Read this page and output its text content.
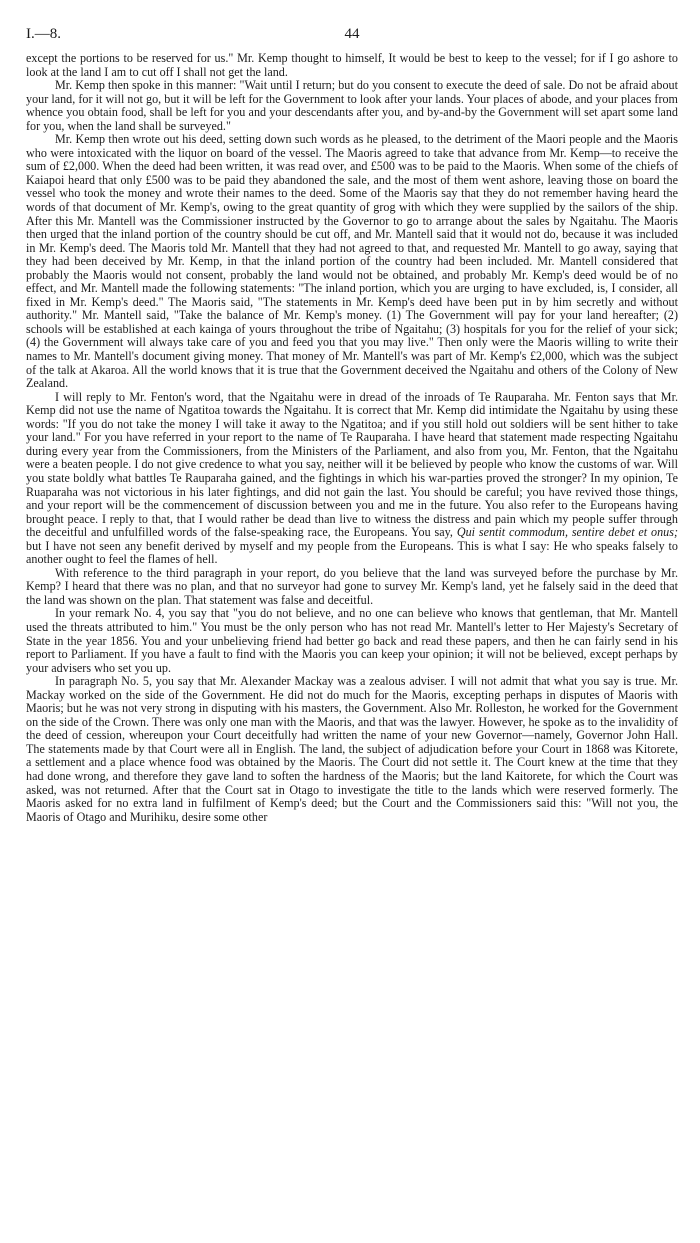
44
I.—8.

except the portions to be reserved for us." Mr. Kemp thought to himself, It would be best to keep to the vessel; for if I go ashore to look at the land I am to cut off I shall not get the land.

Mr. Kemp then spoke in this manner: "Wait until I return; but do you consent to execute the deed of sale. Do not be afraid about your land, for it will not go, but it will be left for the Government to look after your lands. Your places of abode, and your places from whence you obtain food, shall be left for you and your descendants after you, and by-and-by the Government will set apart some land for you, when the land shall be surveyed."

Mr. Kemp then wrote out his deed, setting down such words as he pleased, to the detriment of the Maori people and the Maoris who were intoxicated with the liquor on board of the vessel. The Maoris agreed to take that advance from Mr. Kemp—to receive the sum of £2,000. When the deed had been written, it was read over, and £500 was to be paid to the Maoris. When some of the chiefs of Kaiapoi heard that only £500 was to be paid they abandoned the sale, and the most of them went ashore, leaving those on board the vessel who took the money and wrote their names to the deed. Some of the Maoris say that they do not remember having heard the words of that document of Mr. Kemp's, owing to the great quantity of grog with which they were supplied by the sailors of the ship. After this Mr. Mantell was the Commissioner instructed by the Governor to go to arrange about the sales by Ngaitahu. The Maoris then urged that the inland portion of the country should be cut off, and Mr. Mantell said that it would not do, because it was included in Mr. Kemp's deed. The Maoris told Mr. Mantell that they had not agreed to that, and requested Mr. Mantell to go away, saying that they had been deceived by Mr. Kemp, in that the inland portion of the country had been included. Mr. Mantell considered that probably the Maoris would not consent, probably the land would not be obtained, and probably Mr. Kemp's deed would be of no effect, and Mr. Mantell made the following statements: "The inland portion, which you are urging to have excluded, is, I consider, all fixed in Mr. Kemp's deed." The Maoris said, "The statements in Mr. Kemp's deed have been put in by him secretly and without authority." Mr. Mantell said, "Take the balance of Mr. Kemp's money. (1) The Government will pay for your land hereafter; (2) schools will be established at each kainga of yours throughout the tribe of Ngaitahu; (3) hospitals for you for the relief of your sick; (4) the Government will always take care of you and feed you that you may live." Then only were the Maoris willing to write their names to Mr. Mantell's document giving money. That money of Mr. Mantell's was part of Mr. Kemp's £2,000, which was the subject of the talk at Akaroa. All the world knows that it is true that the Government deceived the Ngaitahu and others of the Colony of New Zealand.

I will reply to Mr. Fenton's word, that the Ngaitahu were in dread of the inroads of Te Rauparaha. Mr. Fenton says that Mr. Kemp did not use the name of Ngatitoa towards the Ngaitahu. It is correct that Mr. Kemp did intimidate the Ngaitahu by using these words: "If you do not take the money I will take it away to the Ngatitoa; and if you still hold out soldiers will be sent hither to take your land." For you have referred in your report to the name of Te Rauparaha. I have heard that statement made respecting Ngaitahu during every year from the Commissioners, from the Ministers of the Parliament, and also from you, Mr. Fenton, that the Ngaitahu were a beaten people. I do not give credence to what you say, neither will it be believed by people who know the customs of war. Will you state boldly what battles Te Rauparaha gained, and the fightings in which his war-parties proved the stronger? In my opinion, Te Ruaparaha was not victorious in his later fightings, and did not gain the last. You should be careful; you have revived those things, and your report will be the commencement of discussion between you and me in the future. You also refer to the Europeans having brought peace. I reply to that, that I would rather be dead than live to witness the distress and pain which my people suffer through the deceitful and unfulfilled words of the false-speaking race, the Europeans. You say, Qui sentit commodum, sentire debet et onus; but I have not seen any benefit derived by myself and my people from the Europeans. This is what I say: He who speaks falsely to another ought to feel the flames of hell.

With reference to the third paragraph in your report, do you believe that the land was surveyed before the purchase by Mr. Kemp? I heard that there was no plan, and that no surveyor had gone to survey Mr. Kemp's land, yet he falsely said in the deed that the land was shown on the plan. That statement was false and deceitful.

In your remark No. 4, you say that "you do not believe, and no one can believe who knows that gentleman, that Mr. Mantell used the threats attributed to him." You must be the only person who has not read Mr. Mantell's letter to Her Majesty's Secretary of State in the year 1856. You and your unbelieving friend had better go back and read these papers, and then he can fairly send in his report to Parliament. If you have a fault to find with the Maoris you can keep your opinion; it will not be believed, except perhaps by your advisers who set you up.

In paragraph No. 5, you say that Mr. Alexander Mackay was a zealous adviser. I will not admit that what you say is true. Mr. Mackay worked on the side of the Government. He did not do much for the Maoris, excepting perhaps in disputes of Maoris with Maoris; but he was not very strong in disputing with his masters, the Government. Also Mr. Rolleston, he worked for the Government on the side of the Crown. There was only one man with the Maoris, and that was the lawyer. However, he spoke as to the invalidity of the deed of cession, whereupon your Court deceitfully had written the name of your new Governor—namely, Governor John Hall. The statements made by that Court were all in English. The land, the subject of adjudication before your Court in 1868 was Kitorete, a settlement and a place whence food was obtained by the Maoris. The Court did not settle it. The Court knew at the time that they had done wrong, and therefore they gave land to soften the hardness of the Maoris; but the land Kaitorete, for which the Court was asked, was not returned. After that the Court sat in Otago to investigate the title to the lands which were reserved formerly. The Maoris asked for no extra land in fulfilment of Kemp's deed; but the Court and the Commissioners said this: "Will not you, the Maoris of Otago and Murihiku, desire some other
